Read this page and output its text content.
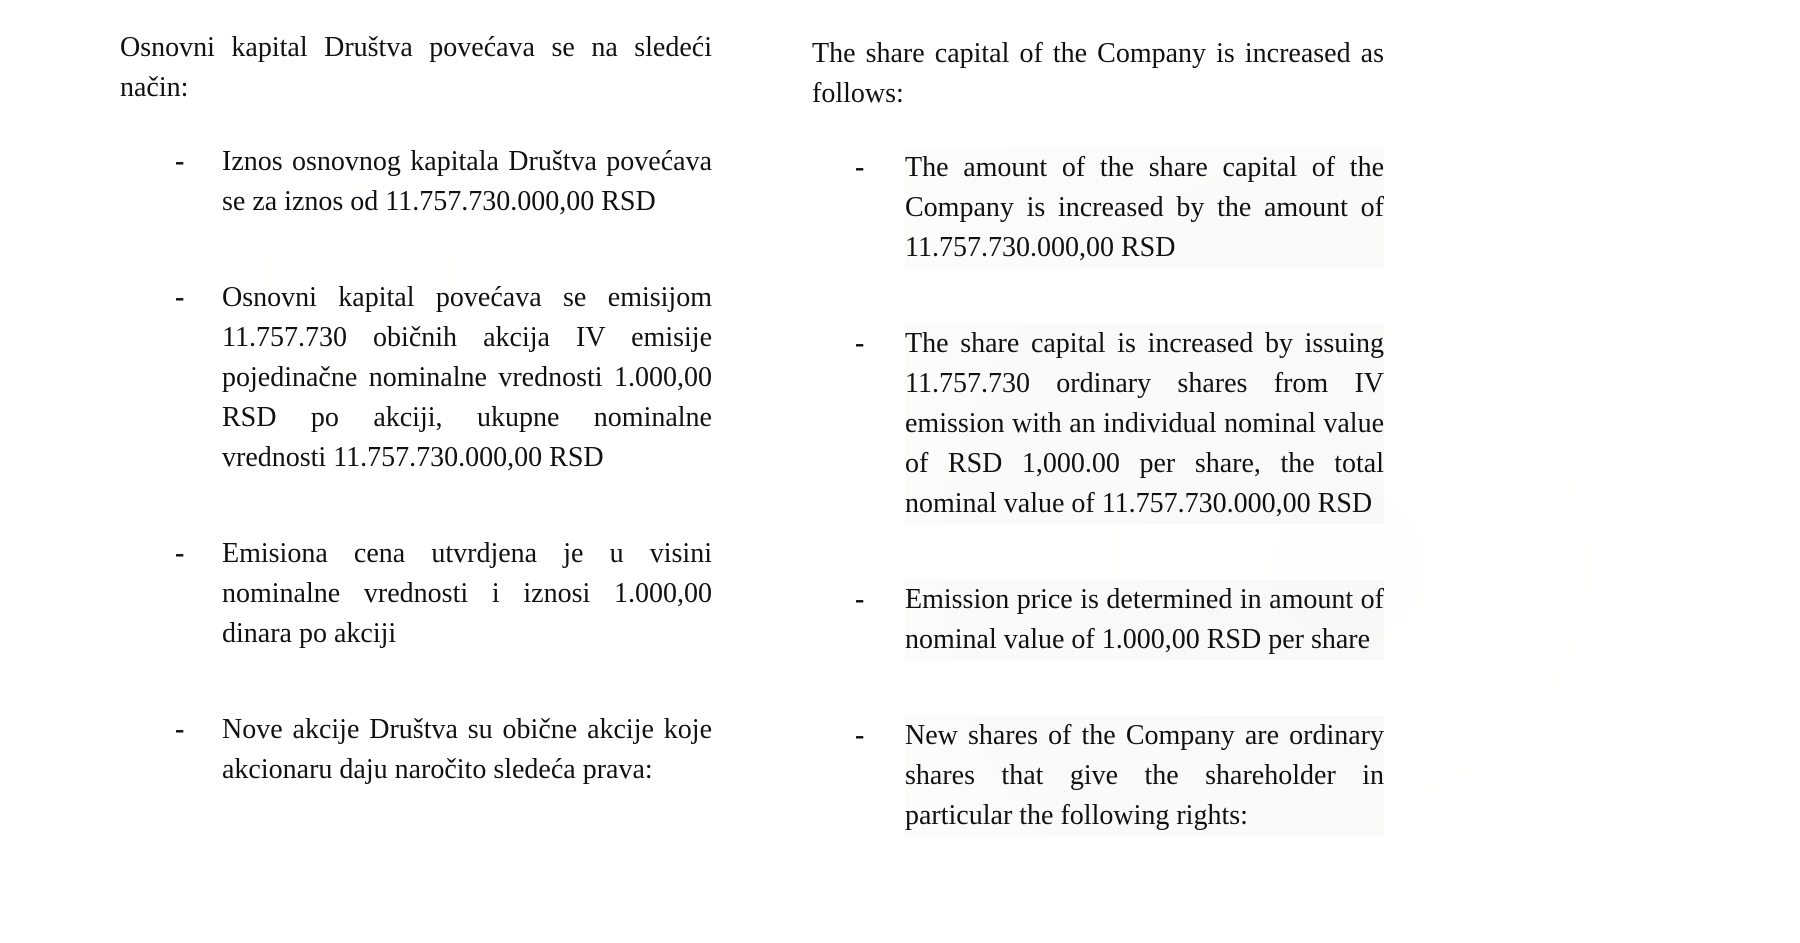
Osnovni kapital Društva povećava se na sledeći način:

-	Iznos osnovnog kapitala Društva povećava se za iznos od 11.757.730.000,00 RSD
-	Osnovni kapital povećava se emisijom 11.757.730 običnih akcija IV emisije pojedinačne nominalne vrednosti 1.000,00 RSD po akciji, ukupne nominalne vrednosti 11.757.730.000,00 RSD
-	Emisiona cena utvrdjena je u visini nominalne vrednosti i iznosi 1.000,00 dinara po akciji
-	Nove akcije Društva su obične akcije koje akcionaru daju naročito sledeća prava:

The share capital of the Company is increased as follows:

-	The amount of the share capital of the Company is increased by the amount of 11.757.730.000,00 RSD
-	The share capital is increased by issuing 11.757.730 ordinary shares from IV emission with an individual nominal value of RSD 1,000.00 per share, the total nominal value of 11.757.730.000,00 RSD
-	Emission price is determined in amount of nominal value of 1.000,00 RSD per share
-	New shares of the Company are ordinary shares that give the shareholder in particular the following rights:
